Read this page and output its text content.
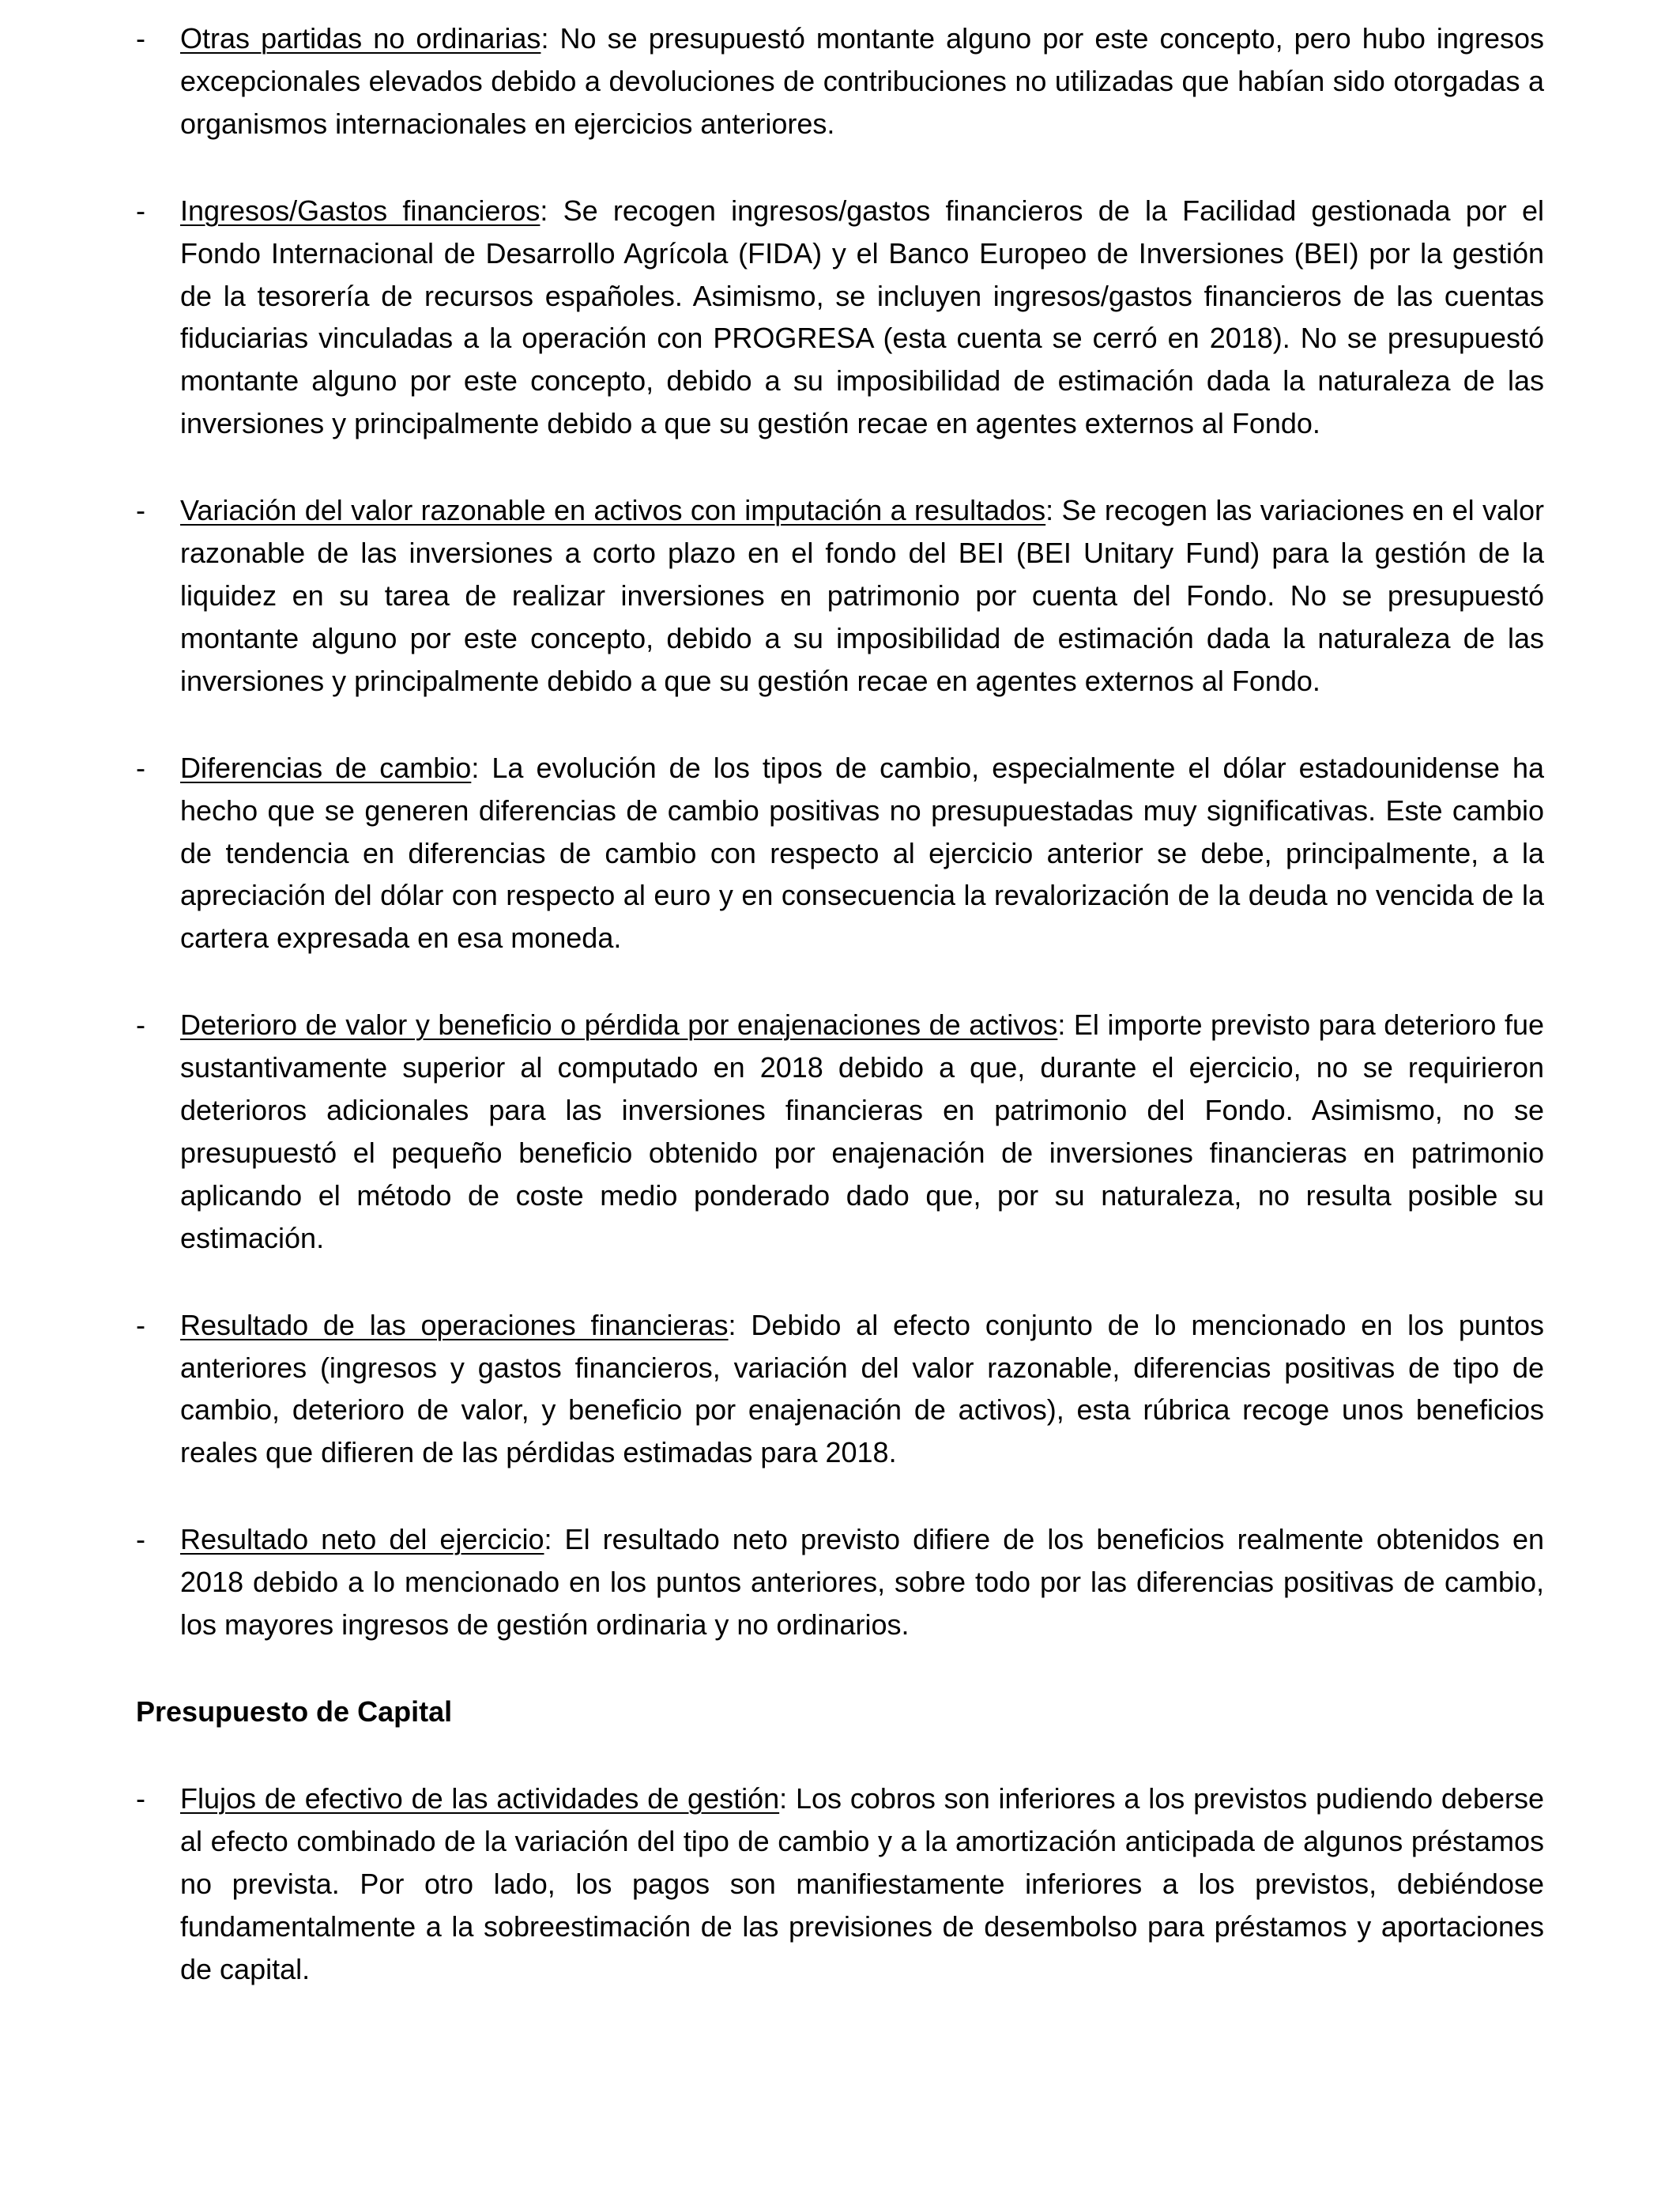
-	Otras partidas no ordinarias: No se presupuestó montante alguno por este concepto, pero hubo ingresos excepcionales elevados debido a devoluciones de contribuciones no utilizadas que habían sido otorgadas a organismos internacionales en ejercicios anteriores.
-	Ingresos/Gastos financieros: Se recogen ingresos/gastos financieros de la Facilidad gestionada por el Fondo Internacional de Desarrollo Agrícola (FIDA) y el Banco Europeo de Inversiones (BEI) por la gestión de la tesorería de recursos españoles. Asimismo, se incluyen ingresos/gastos financieros de las cuentas fiduciarias vinculadas a la operación con PROGRESA (esta cuenta se cerró en 2018). No se presupuestó montante alguno por este concepto, debido a su imposibilidad de estimación dada la naturaleza de las inversiones y principalmente debido a que su gestión recae en agentes externos al Fondo.
-	Variación del valor razonable en activos con imputación a resultados: Se recogen las variaciones en el valor razonable de las inversiones a corto plazo en el fondo del BEI (BEI Unitary Fund) para la gestión de la liquidez en su tarea de realizar inversiones en patrimonio por cuenta del Fondo. No se presupuestó montante alguno por este concepto, debido a su imposibilidad de estimación dada la naturaleza de las inversiones y principalmente debido a que su gestión recae en agentes externos al Fondo.
-	Diferencias de cambio: La evolución de los tipos de cambio, especialmente el dólar estadounidense ha hecho que se generen diferencias de cambio positivas no presupuestadas muy significativas. Este cambio de tendencia en diferencias de cambio con respecto al ejercicio anterior se debe, principalmente, a la apreciación del dólar con respecto al euro y en consecuencia la revalorización de la deuda no vencida de la cartera expresada en esa moneda.
-	Deterioro de valor y beneficio o pérdida por enajenaciones de activos: El importe previsto para deterioro fue sustantivamente superior al computado en 2018 debido a que, durante el ejercicio, no se requirieron deterioros adicionales para las inversiones financieras en patrimonio del Fondo. Asimismo, no se presupuestó el pequeño beneficio obtenido por enajenación de inversiones financieras en patrimonio aplicando el método de coste medio ponderado dado que, por su naturaleza, no resulta posible su estimación.
-	Resultado de las operaciones financieras: Debido al efecto conjunto de lo mencionado en los puntos anteriores (ingresos y gastos financieros, variación del valor razonable, diferencias positivas de tipo de cambio, deterioro de valor, y beneficio por enajenación de activos), esta rúbrica recoge unos beneficios reales que difieren de las pérdidas estimadas para 2018.
-	Resultado neto del ejercicio: El resultado neto previsto difiere de los beneficios realmente obtenidos en 2018 debido a lo mencionado en los puntos anteriores, sobre todo por las diferencias positivas de cambio, los mayores ingresos de gestión ordinaria y no ordinarios.
Presupuesto de Capital
-	Flujos de efectivo de las actividades de gestión: Los cobros son inferiores a los previstos pudiendo deberse al efecto combinado de la variación del tipo de cambio y a la amortización anticipada de algunos préstamos no prevista. Por otro lado, los pagos son manifiestamente inferiores a los previstos, debiéndose fundamentalmente a la sobreestimación de las previsiones de desembolso para préstamos y aportaciones de capital.
